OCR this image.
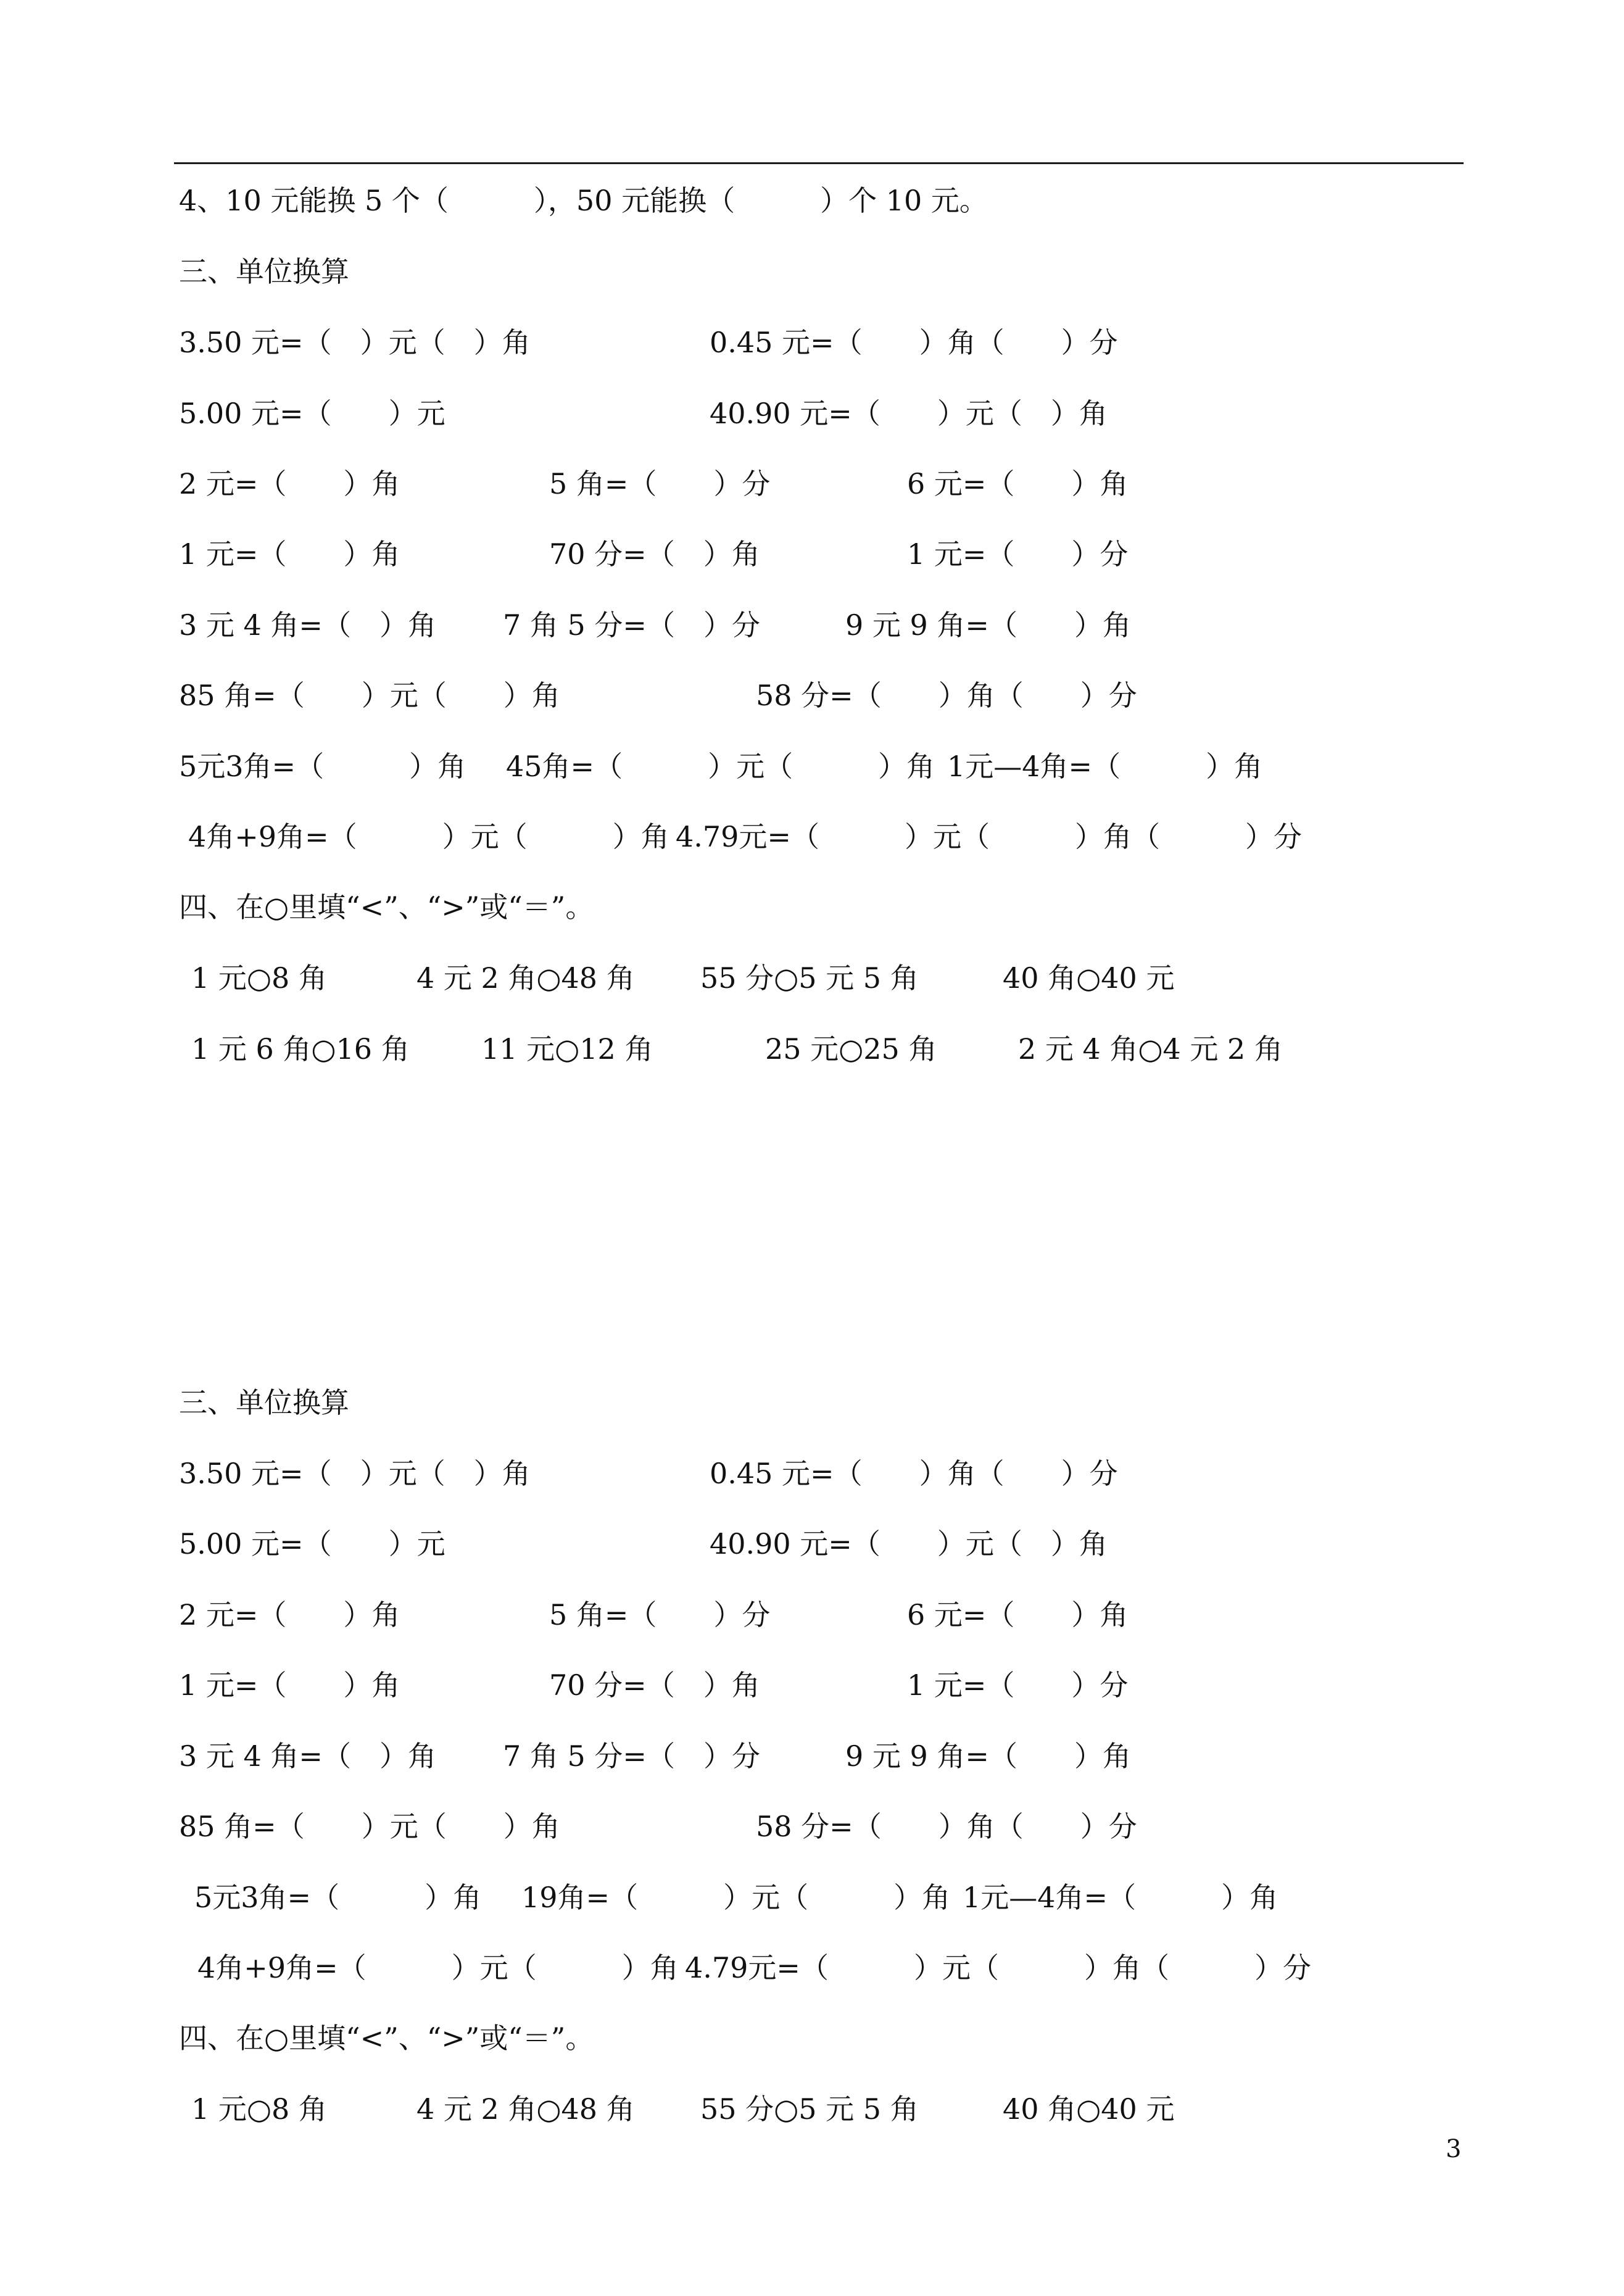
4、10 元能换 5 个（　　　），50 元能换（　　　）个 10 元。
三、单位换算
3.50 元=（　）元（　）角	0.45 元=（　　）角（　　）分
5.00 元=（　　）元	40.90 元=（　　）元（　）角
2 元=（　　）角	5 角=（　　）分	6 元=（　　）角
1 元=（　　）角	70 分=（　）角	1 元=（　　）分
3 元 4 角=（　）角 7 角 5 分=（　）分	9 元 9 角=（　　）角
85 角=（　　）元（　　）角	58 分=（　　）角（　　）分
5元3角=（　　　）角 45角=（　　　）元（　　　）角 1元—4角=（　　　）角
4角+9角=（　　　）元（　　　）角 4.79元=（　　　）元（　　　）角（　　　）分
四、在○里填“<”、“>”或“＝”。
1 元○8 角	4 元 2 角○48 角 55 分○5 元 5 角	40 角○40 元
1 元 6 角○16 角	11 元○12 角	25 元○25 角	2 元 4 角○4 元 2 角
三、单位换算
3.50 元=（　）元（　）角	0.45 元=（　　）角（　　）分
5.00 元=（　　）元	40.90 元=（　　）元（　）角
2 元=（　　）角	5 角=（　　）分	6 元=（　　）角
1 元=（　　）角	70 分=（　）角	1 元=（　　）分
3 元 4 角=（　）角 7 角 5 分=（　）分	9 元 9 角=（　　）角
85 角=（　　）元（　　）角	58 分=（　　）角（　　）分
5元3角=（　　　）角 19角=（　　　）元（　　　）角 1元—4角=（　　　）角
4角+9角=（　　　）元（　　　）角 4.79元=（　　　）元（　　　）角（　　　）分
四、在○里填“<”、“>”或“＝”。
1 元○8 角	4 元 2 角○48 角 55 分○5 元 5 角	40 角○40 元
3
